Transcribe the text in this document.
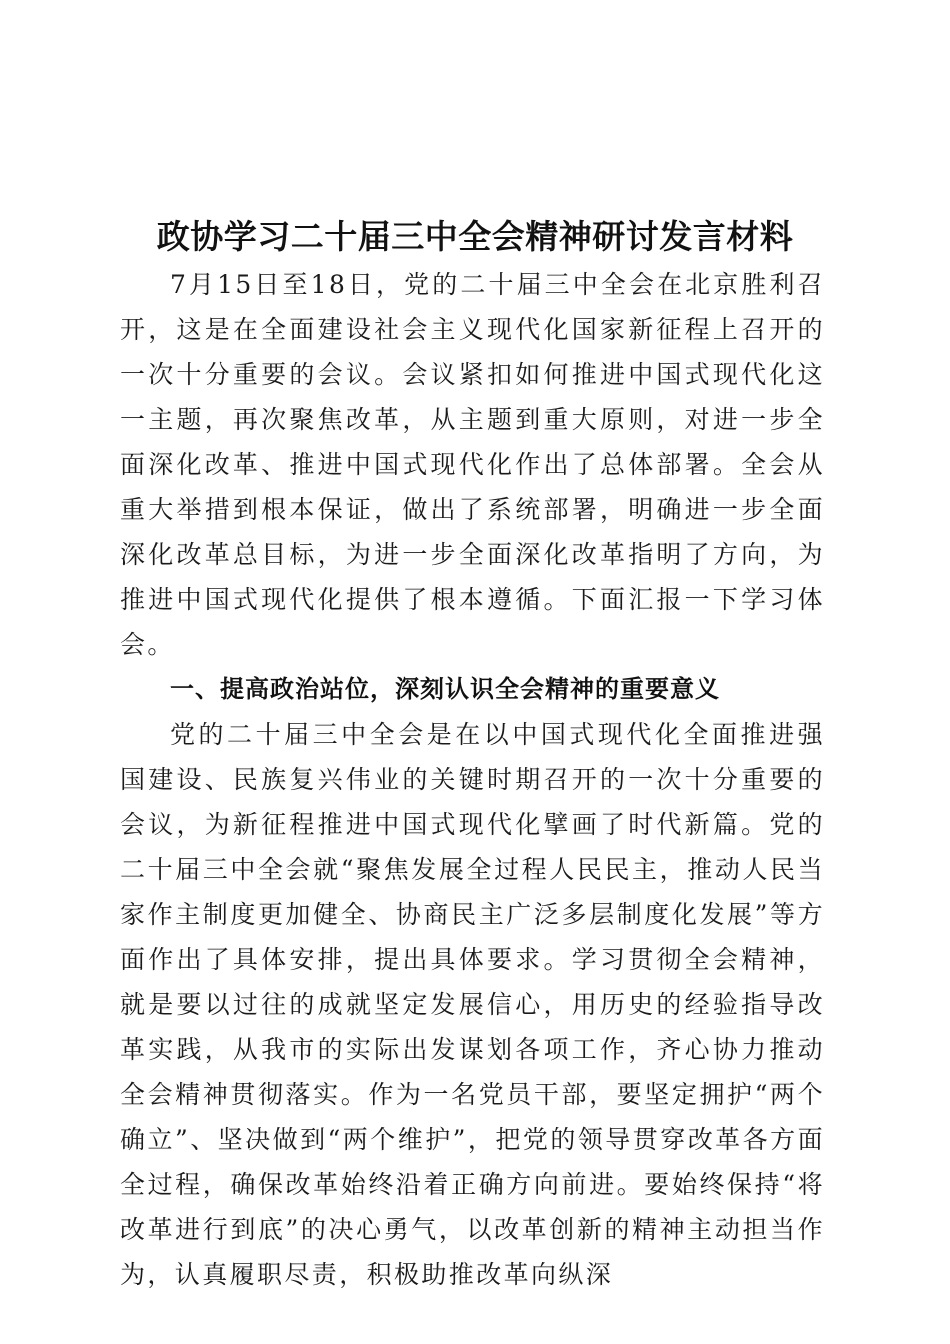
政协学习二十届三中全会精神研讨发言材料

7月15日至18日，党的二十届三中全会在北京胜利召开，这是在全面建设社会主义现代化国家新征程上召开的一次十分重要的会议。会议紧扣如何推进中国式现代化这一主题，再次聚焦改革，从主题到重大原则，对进一步全面深化改革、推进中国式现代化作出了总体部署。全会从重大举措到根本保证，做出了系统部署，明确进一步全面深化改革总目标，为进一步全面深化改革指明了方向，为推进中国式现代化提供了根本遵循。下面汇报一下学习体会。

一、提高政治站位，深刻认识全会精神的重要意义

党的二十届三中全会是在以中国式现代化全面推进强国建设、民族复兴伟业的关键时期召开的一次十分重要的会议，为新征程推进中国式现代化擘画了时代新篇。党的二十届三中全会就“聚焦发展全过程人民民主，推动人民当家作主制度更加健全、协商民主广泛多层制度化发展”等方面作出了具体安排，提出具体要求。学习贯彻全会精神，就是要以过往的成就坚定发展信心，用历史的经验指导改革实践，从我市的实际出发谋划各项工作，齐心协力推动全会精神贯彻落实。作为一名党员干部，要坚定拥护“两个确立”、坚决做到“两个维护”，把党的领导贯穿改革各方面全过程，确保改革始终沿着正确方向前进。要始终保持“将改革进行到底”的决心勇气，以改革创新的精神主动担当作为，认真履职尽责，积极助推改革向纵深
